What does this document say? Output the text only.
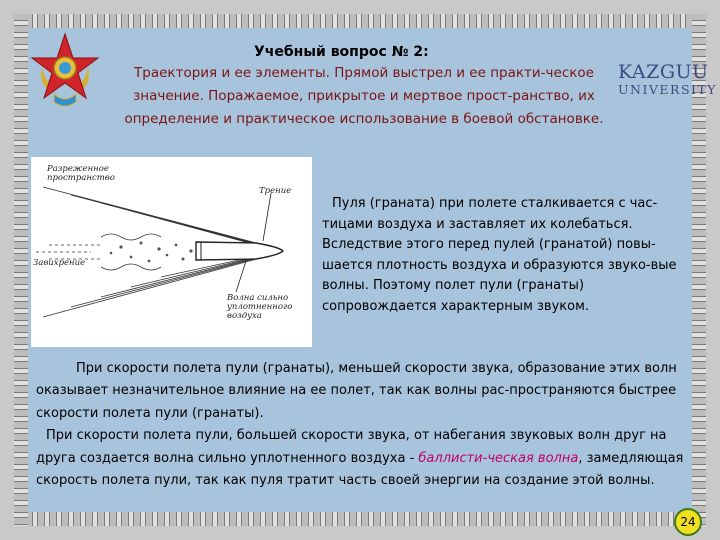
Учебный вопрос № 2:
Траектория и ее элементы. Прямой выстрел и ее практи-ческое значение. Поражаемое, прикрытое и мертвое прост-ранство, их определение и практическое использование в боевой обстановке.
KAZGUU
UNIVERSITY
Разреженное пространство
Трение
Завихрение
Волна сильно уплотненного воздуха
Пуля (граната) при полете сталкивается с час-тицами воздуха и заставляет их колебаться. Вследствие этого перед пулей (гранатой) повы-шается плотность воздуха и образуются звуко-вые волны. Поэтому полет пули (гранаты) сопровождается характерным звуком.
При скорости полета пули (гранаты), меньшей скорости звука, образование этих волн оказывает незначительное влияние на ее полет, так как волны рас-пространяются быстрее скорости полета пули (гранаты).
При скорости полета пули, большей скорости звука, от набегания звуковых волн друг на друга создается волна сильно уплотненного воздуха - баллисти-ческая волна, замедляющая скорость полета пули, так как пуля тратит часть своей энергии на создание этой волны.
24
